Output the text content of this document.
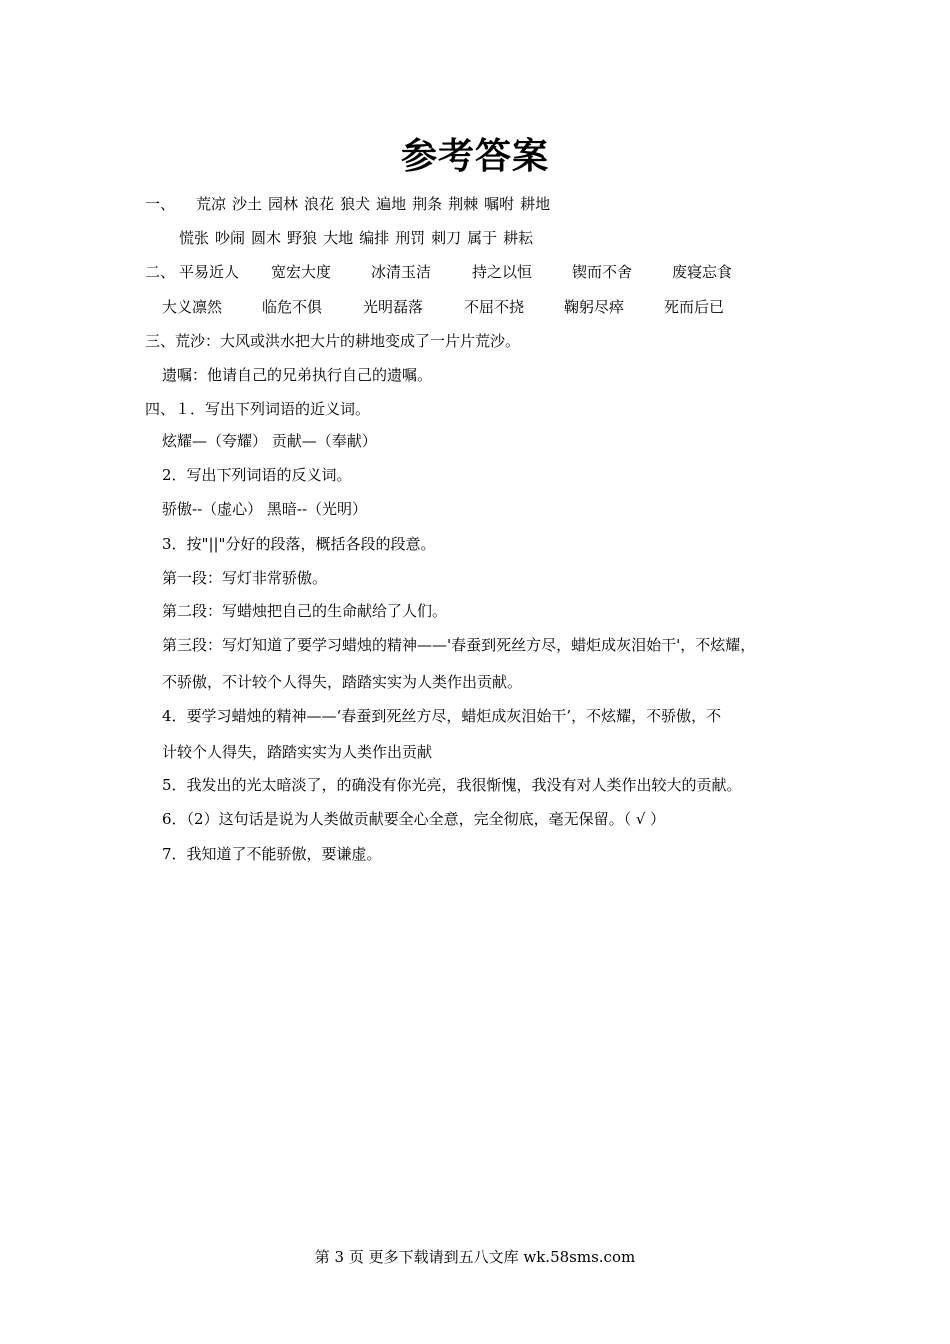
参考答案
一、 荒凉 沙土 园林 浪花 狼犬 遍地 荆条 荆棘 嘱咐 耕地
慌张 吵闹 圆木 野狼 大地 编排 刑罚 刺刀 属于 耕耘
二、 平易近人 宽宏大度	冰清玉洁	持之以恒	锲而不舍	废寝忘食
大义凛然	临危不俱	光明磊落	不屈不挠	鞠躬尽瘁	死而后已
三、荒沙：大风或洪水把大片的耕地变成了一片片荒沙。
遗嘱：他请自己的兄弟执行自己的遗嘱。
四、１．写出下列词语的近义词。
炫耀—（夸耀） 贡献—（奉献）
2．写出下列词语的反义词。
骄傲--（虚心） 黑暗--（光明）
3．按"||"分好的段落，概括各段的段意。
第一段：写灯非常骄傲。
第二段：写蜡烛把自己的生命献给了人们。
第三段：写灯知道了要学习蜡烛的精神——'春蚕到死丝方尽，蜡炬成灰泪始干'，不炫耀，
不骄傲，不计较个人得失，踏踏实实为人类作出贡献。
4．要学习蜡烛的精神——‘春蚕到死丝方尽，蜡炬成灰泪始干’，不炫耀，不骄傲，不
计较个人得失，踏踏实实为人类作出贡献
5．我发出的光太暗淡了，的确没有你光亮，我很惭愧，我没有对人类作出较大的贡献。
6．（2）这句话是说为人类做贡献要全心全意，完全彻底，毫无保留。（ √ ）
7．我知道了不能骄傲，要谦虚。
第 3 页 更多下载请到五八文库 wk.58sms.com
